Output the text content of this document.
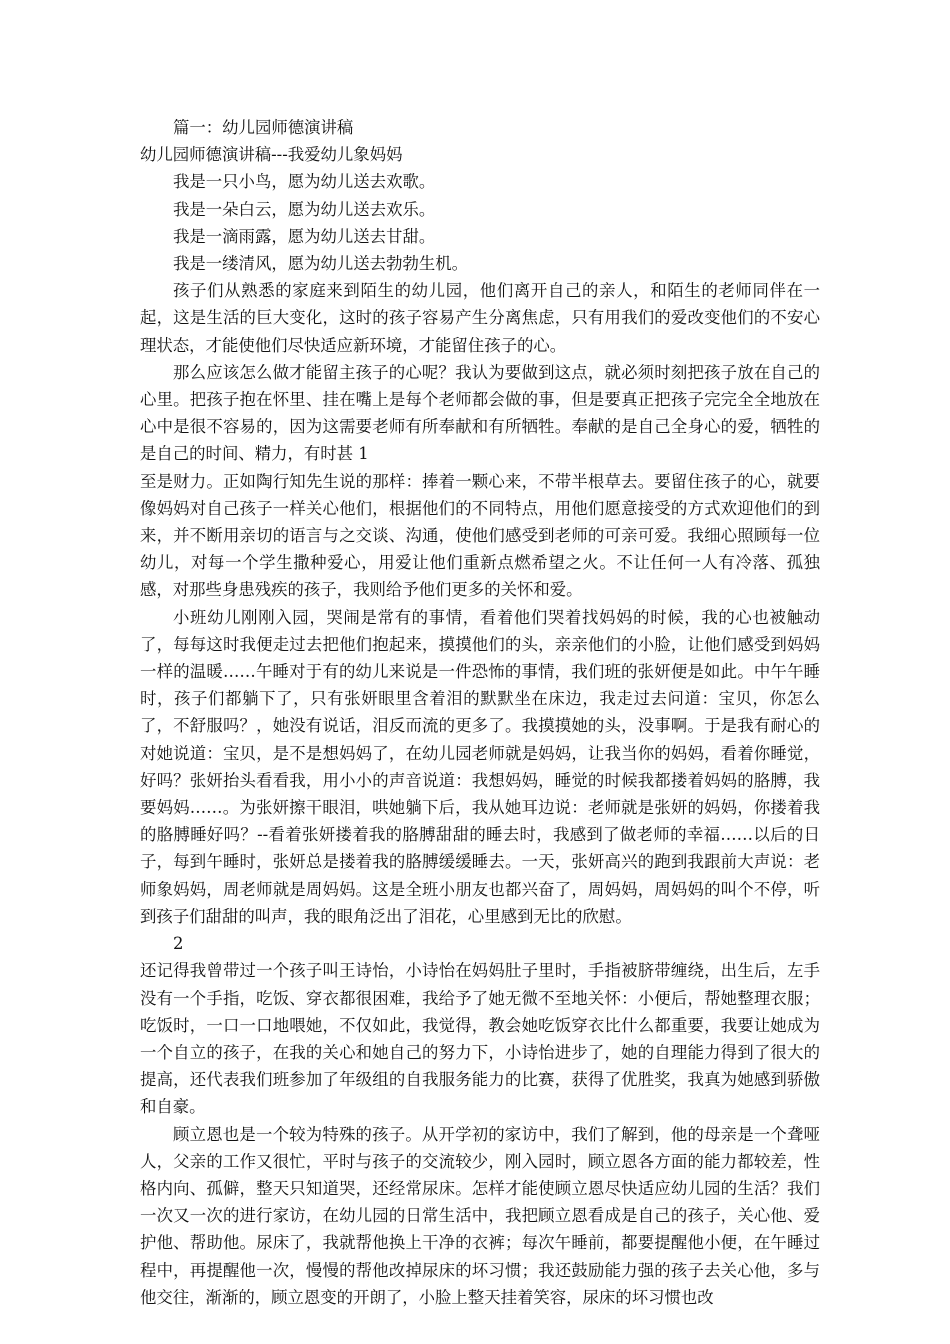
篇一：幼儿园师德演讲稿

幼儿园师德演讲稿---我爱幼儿象妈妈

我是一只小鸟，愿为幼儿送去欢歌。

我是一朵白云，愿为幼儿送去欢乐。

我是一滴雨露，愿为幼儿送去甘甜。

我是一缕清风，愿为幼儿送去勃勃生机。

孩子们从熟悉的家庭来到陌生的幼儿园，他们离开自己的亲人，和陌生的老师同伴在一起，这是生活的巨大变化，这时的孩子容易产生分离焦虑，只有用我们的爱改变他们的不安心理状态，才能使他们尽快适应新环境，才能留住孩子的心。

那么应该怎么做才能留主孩子的心呢？我认为要做到这点，就必须时刻把孩子放在自己的心里。把孩子抱在怀里、挂在嘴上是每个老师都会做的事，但是要真正把孩子完完全全地放在心中是很不容易的，因为这需要老师有所奉献和有所牺牲。奉献的是自己全身心的爱，牺牲的是自己的时间、精力，有时甚 1

至是财力。正如陶行知先生说的那样：捧着一颗心来，不带半根草去。要留住孩子的心，就要像妈妈对自己孩子一样关心他们，根据他们的不同特点，用他们愿意接受的方式欢迎他们的到来，并不断用亲切的语言与之交谈、沟通，使他们感受到老师的可亲可爱。我细心照顾每一位幼儿，对每一个学生撒种爱心，用爱让他们重新点燃希望之火。不让任何一人有冷落、孤独感，对那些身患残疾的孩子，我则给予他们更多的关怀和爱。

小班幼儿刚刚入园，哭闹是常有的事情，看着他们哭着找妈妈的时候，我的心也被触动了，每每这时我便走过去把他们抱起来，摸摸他们的头，亲亲他们的小脸，让他们感受到妈妈一样的温暖……午睡对于有的幼儿来说是一件恐怖的事情，我们班的张妍便是如此。中午午睡时，孩子们都躺下了，只有张妍眼里含着泪的默默坐在床边，我走过去问道：宝贝，你怎么了，不舒服吗？，她没有说话，泪反而流的更多了。我摸摸她的头，没事啊。于是我有耐心的对她说道：宝贝，是不是想妈妈了，在幼儿园老师就是妈妈，让我当你的妈妈，看着你睡觉，好吗？张妍抬头看看我，用小小的声音说道：我想妈妈，睡觉的时候我都搂着妈妈的胳膊，我要妈妈……。为张妍擦干眼泪，哄她躺下后，我从她耳边说：老师就是张妍的妈妈，你搂着我的胳膊睡好吗？--看着张妍搂着我的胳膊甜甜的睡去时，我感到了做老师的幸福……以后的日子，每到午睡时，张妍总是搂着我的胳膊缓缓睡去。一天，张妍高兴的跑到我跟前大声说：老师象妈妈，周老师就是周妈妈。这是全班小朋友也都兴奋了，周妈妈，周妈妈的叫个不停，听到孩子们甜甜的叫声，我的眼角泛出了泪花，心里感到无比的欣慰。

2

还记得我曾带过一个孩子叫王诗怡，小诗怡在妈妈肚子里时，手指被脐带缠绕，出生后，左手没有一个手指，吃饭、穿衣都很困难，我给予了她无微不至地关怀：小便后，帮她整理衣服；吃饭时，一口一口地喂她，不仅如此，我觉得，教会她吃饭穿衣比什么都重要，我要让她成为一个自立的孩子，在我的关心和她自己的努力下，小诗怡进步了，她的自理能力得到了很大的提高，还代表我们班参加了年级组的自我服务能力的比赛，获得了优胜奖，我真为她感到骄傲和自豪。

顾立恩也是一个较为特殊的孩子。从开学初的家访中，我们了解到，他的母亲是一个聋哑人，父亲的工作又很忙，平时与孩子的交流较少，刚入园时，顾立恩各方面的能力都较差，性格内向、孤僻，整天只知道哭，还经常尿床。怎样才能使顾立恩尽快适应幼儿园的生活？我们一次又一次的进行家访，在幼儿园的日常生活中，我把顾立恩看成是自己的孩子，关心他、爱护他、帮助他。尿床了，我就帮他换上干净的衣裤；每次午睡前，都要提醒他小便，在午睡过程中，再提醒他一次，慢慢的帮他改掉尿床的坏习惯；我还鼓励能力强的孩子去关心他，多与他交往，渐渐的，顾立恩变的开朗了，小脸上整天挂着笑容，尿床的坏习惯也改
